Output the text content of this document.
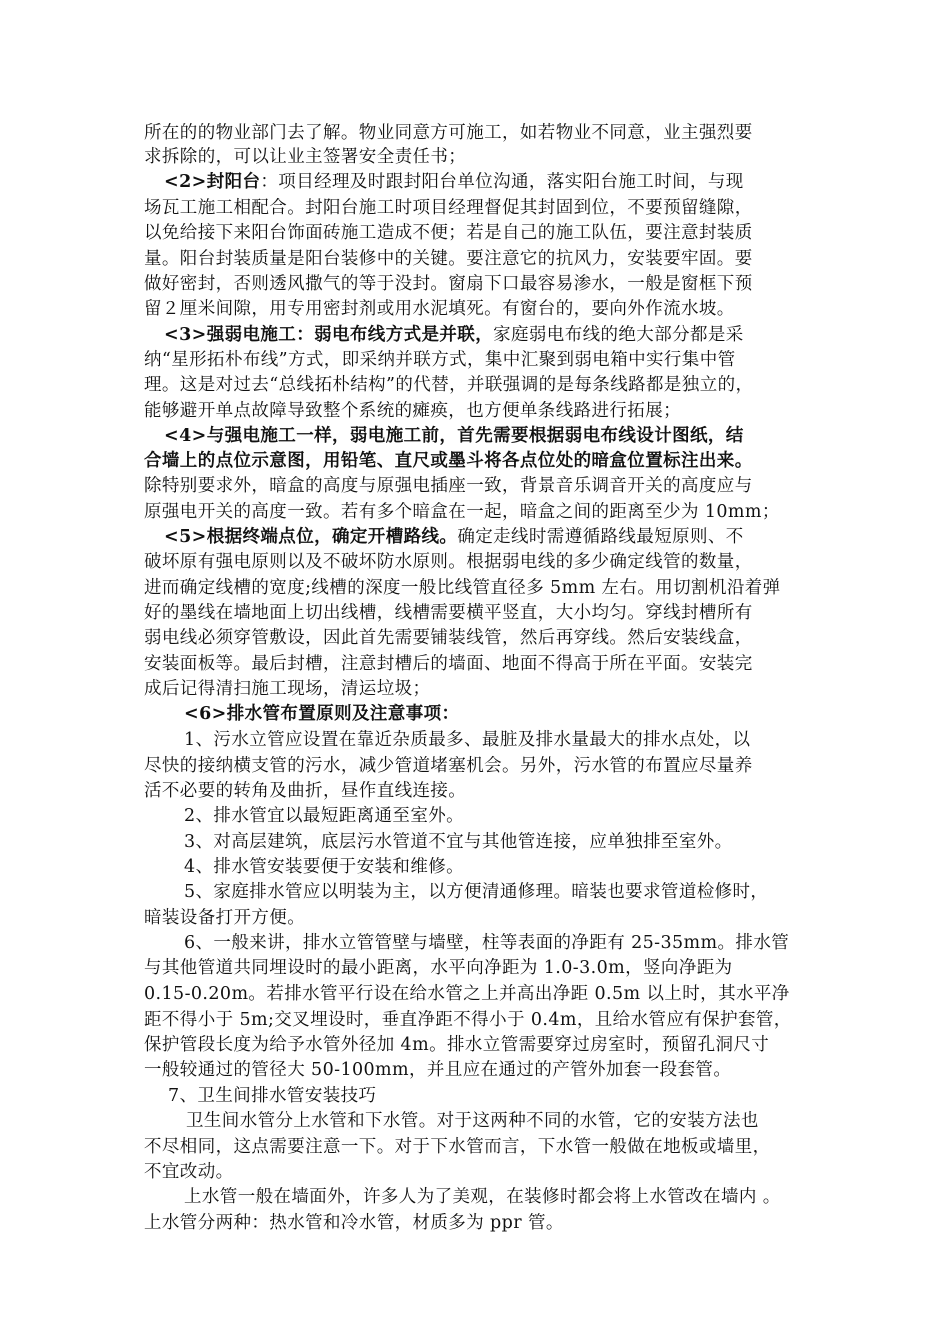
所在的的物业部门去了解。物业同意方可施工，如若物业不同意，业主强烈要
求拆除的，可以让业主签署安全责任书；
<2>封阳台：项目经理及时跟封阳台单位沟通，落实阳台施工时间，与现
场瓦工施工相配合。封阳台施工时项目经理督促其封固到位，不要预留缝隙，
以免给接下来阳台饰面砖施工造成不便；若是自己的施工队伍，要注意封装质
量。阳台封装质量是阳台装修中的关键。要注意它的抗风力，安装要牢固。要
做好密封，否则透风撒气的等于没封。窗扇下口最容易渗水，一般是窗框下预
留２厘米间隙，用专用密封剂或用水泥填死。有窗台的，要向外作流水坡。
<3>强弱电施工：弱电布线方式是并联，家庭弱电布线的绝大部分都是采
纳“星形拓朴布线”方式，即采纳并联方式，集中汇聚到弱电箱中实行集中管
理。这是对过去“总线拓朴结构”的代替，并联强调的是每条线路都是独立的，
能够避开单点故障导致整个系统的瘫痪，也方便单条线路进行拓展；
<4>与强电施工一样，弱电施工前，首先需要根据弱电布线设计图纸，结
合墙上的点位示意图，用铅笔、直尺或墨斗将各点位处的暗盒位置标注出来。
除特别要求外，暗盒的高度与原强电插座一致，背景音乐调音开关的高度应与
原强电开关的高度一致。若有多个暗盒在一起，暗盒之间的距离至少为 10mm；
<5>根据终端点位，确定开槽路线。确定走线时需遵循路线最短原则、不
破坏原有强电原则以及不破坏防水原则。根据弱电线的多少确定线管的数量，
进而确定线槽的宽度;线槽的深度一般比线管直径多 5mm 左右。用切割机沿着弹
好的墨线在墙地面上切出线槽，线槽需要横平竖直，大小均匀。穿线封槽所有
弱电线必须穿管敷设，因此首先需要铺装线管，然后再穿线。然后安装线盒，
安装面板等。最后封槽，注意封槽后的墙面、地面不得高于所在平面。安装完
成后记得清扫施工现场，清运垃圾；
<6>排水管布置原则及注意事项：
1、污水立管应设置在靠近杂质最多、最脏及排水量最大的排水点处，以
尽快的接纳横支管的污水，减少管道堵塞机会。另外，污水管的布置应尽量养
活不必要的转角及曲折，昼作直线连接。
2、排水管宜以最短距离通至室外。
3、对高层建筑，底层污水管道不宜与其他管连接，应单独排至室外。
4、排水管安装要便于安装和维修。
5、家庭排水管应以明装为主，以方便清通修理。暗装也要求管道检修时，
暗装设备打开方便。
6、一般来讲，排水立管管壁与墙壁，柱等表面的净距有 25-35mm。排水管
与其他管道共同埋设时的最小距离，水平向净距为 1.0-3.0m，竖向净距为
0.15-0.20m。若排水管平行设在给水管之上并高出净距 0.5m 以上时，其水平净
距不得小于 5m;交叉埋设时，垂直净距不得小于 0.4m，且给水管应有保护套管，
保护管段长度为给予水管外径加 4m。排水立管需要穿过房室时，预留孔洞尺寸
一般较通过的管径大 50-100mm，并且应在通过的产管外加套一段套管。
7、卫生间排水管安装技巧
卫生间水管分上水管和下水管。对于这两种不同的水管，它的安装方法也
不尽相同，这点需要注意一下。对于下水管而言，下水管一般做在地板或墙里，
不宜改动。
上水管一般在墙面外，许多人为了美观，在装修时都会将上水管改在墙内 。
上水管分两种：热水管和冷水管，材质多为 ppr 管。
